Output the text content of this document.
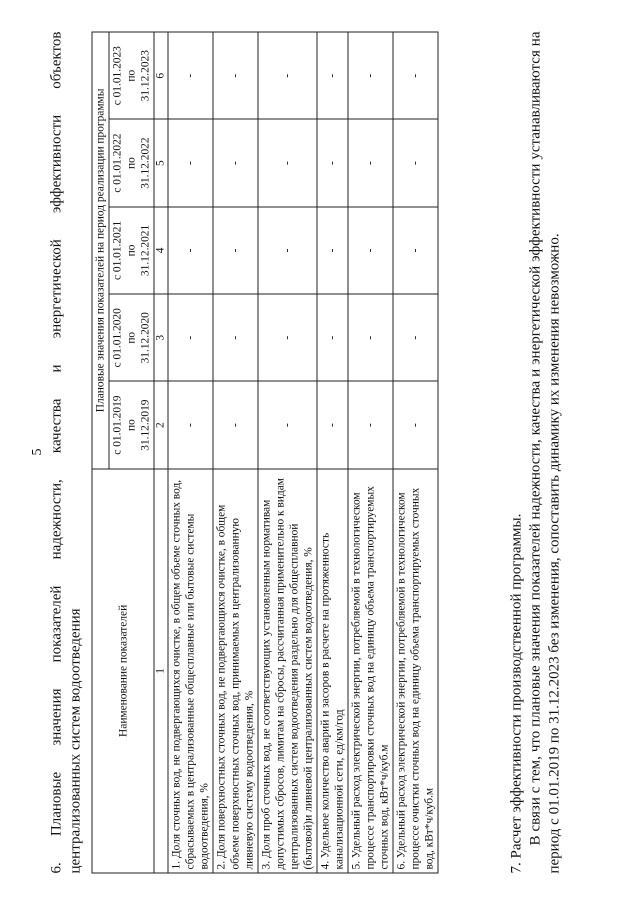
5
6.
Плановые
значения
показателей
надежности,
качества
и
энергетической
эффективности
объектов
централизованных систем водоотведения	Наименование показателей	Плановые значения показателей на период реализации программы				
	с 01.01.2019 по 31.12.2019	с 01.01.2020 по 31.12.2020	с 01.01.2021 по 31.12.2021	с 01.01.2022 по 31.12.2022	с 01.01.2023 по 31.12.2023
1	2	3	4	5	6
1. Доля сточных вод, не подвергающихся очистке, в общем объеме сточных вод, сбрасываемых в централизованные общесплавные или бытовые системы водоотведения, %	-	-	-	-	-
2. Доля поверхностных сточных вод, не подвергающихся очистке, в общем объеме поверхностных сточных вод, принимаемых в централизованную ливневую систему водоотведения, %	-	-	-	-	-
3. Доля проб сточных вод, не соответствующих установленным нормативам допустимых сбросов, лимитам на сбросы, рассчитанная применительно к видам централизованных систем водоотведения раздельно для общесплавной (бытовой)и ливневой централизованных систем водоотведения, %	-	-	-	-	-
4. Удельное количество аварий и засоров в расчете на протяженность канализационной сети, ед/км/год	-	-	-	-	-
5. Удельный расход электрической энергии, потребляемой в технологическом процессе транспортировки сточных вод на единицу объема транспортируемых сточных вод, кВт*ч/куб.м	-	-	-	-	-
6. Удельный расход электрической энергии, потребляемой в технологическом процессе очистки сточных вод на единицу объема транспортируемых сточных вод, кВт*ч/куб.м	-	-	-	-	-
7. Расчет эффективности производственной программы. В связи с тем, что плановые значения показателей надежности, качества и энергетической эффективности устанавливаются на период с 01.01.2019 по 31.12.2023 без изменения, сопоставить динамику их изменения невозможно.
